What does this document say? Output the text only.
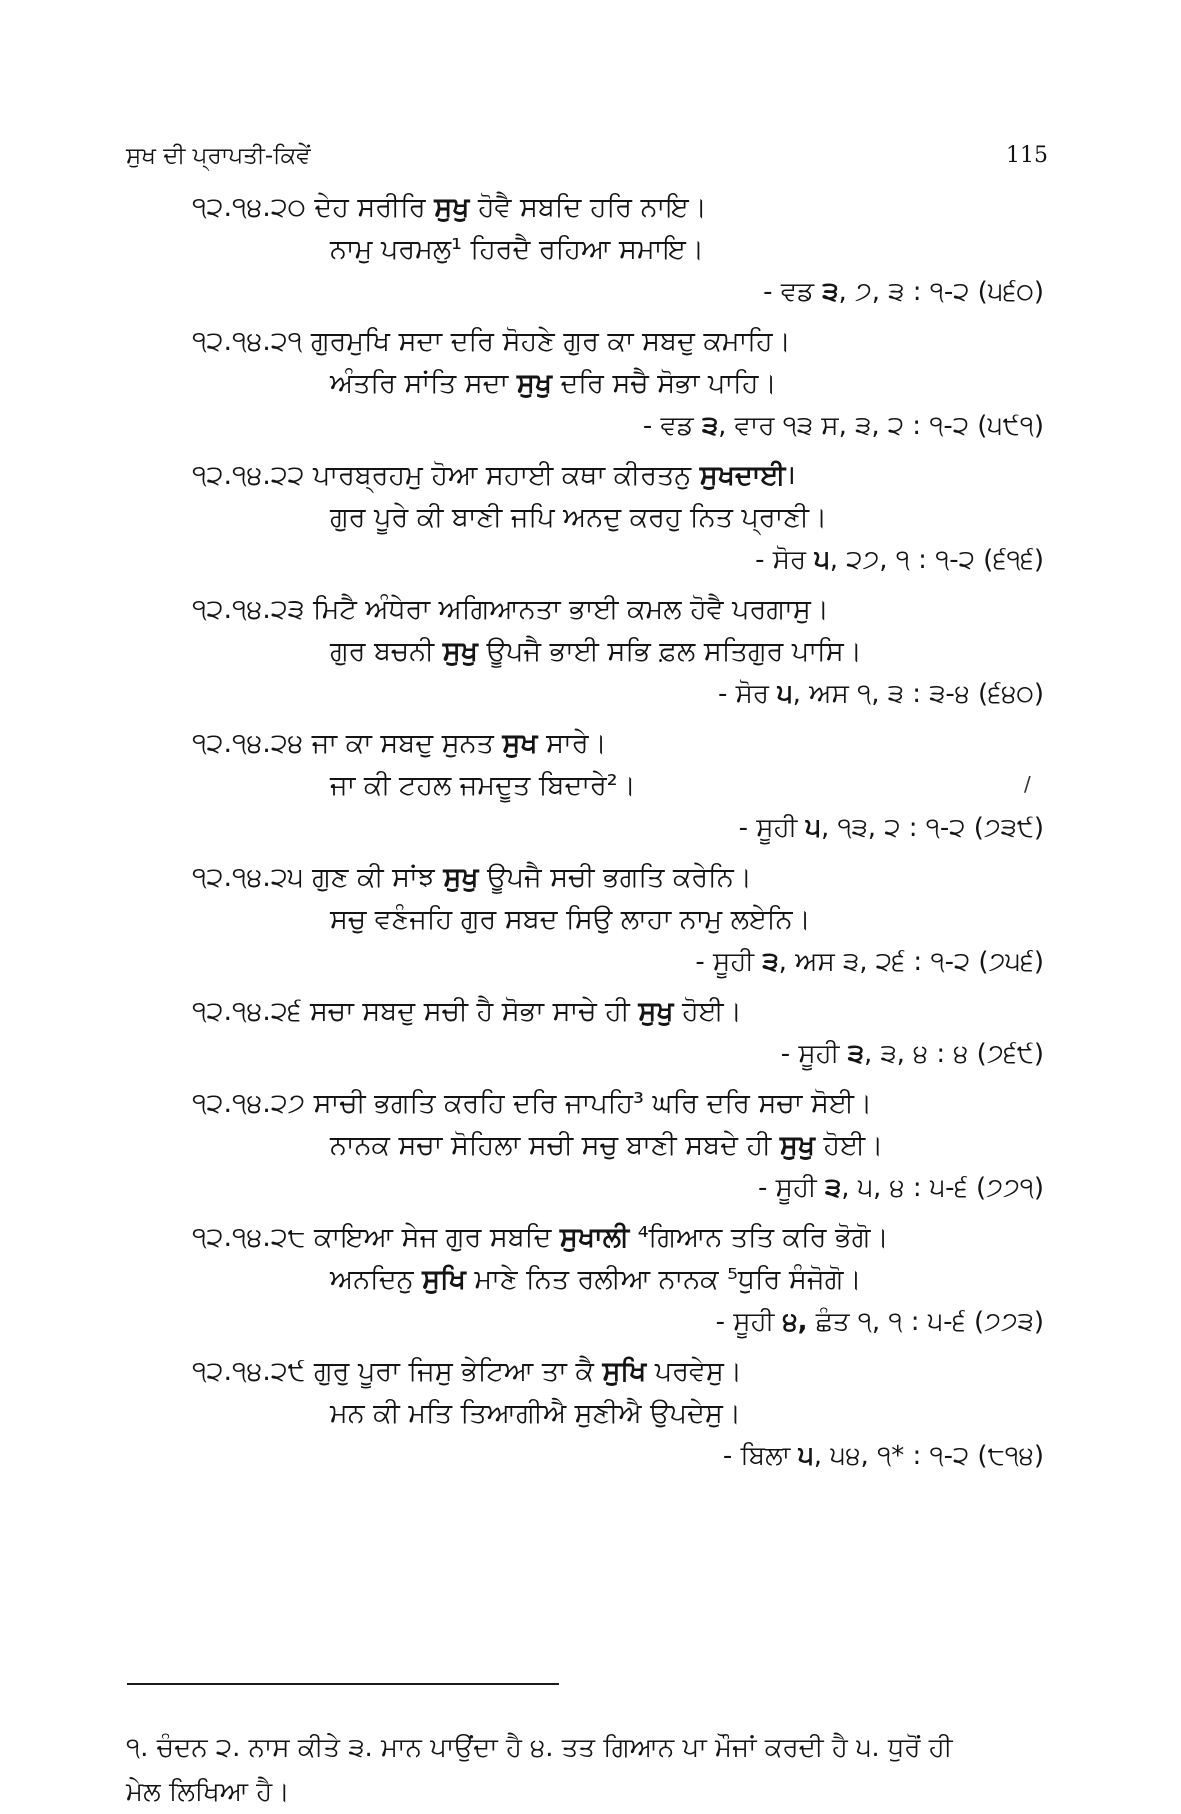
ਸੁਖ ਦੀ ਪ੍ਰਾਪਤੀ-ਕਿਵੇਂ	115
੧੨.੧੪.੨੦ ਦੇਹ ਸਰੀਰਿ ਸੁਖੁ ਹੋਵੈ ਸਬਦਿ ਹਰਿ ਨਾਇ।
ਨਾਮੁ ਪਰਮਲੁ¹ ਹਿਰਦੈ ਰਹਿਆ ਸਮਾਇ।
- ਵਡ ੩, ੭, ੩ : ੧-੨ (੫੬੦)
੧੨.੧੪.੨੧ ਗੁਰਮੁਖਿ ਸਦਾ ਦਰਿ ਸੋਹਣੇ ਗੁਰ ਕਾ ਸਬਦੁ ਕਮਾਹਿ।
ਅੰਤਰਿ ਸਾਂਤਿ ਸਦਾ ਸੁਖੁ ਦਰਿ ਸਚੈ ਸੋਭਾ ਪਾਹਿ।
- ਵਡ ੩, ਵਾਰ ੧੩ ਸ, ੩, ੨ : ੧-੨ (੫੯੧)
੧੨.੧੪.੨੨ ਪਾਰਬ੍ਰਹਮੁ ਹੋਆ ਸਹਾਈ ਕਥਾ ਕੀਰਤਨੁ ਸੁਖਦਾਈ।
ਗੁਰ ਪੂਰੇ ਕੀ ਬਾਣੀ ਜਪਿ ਅਨਦੁ ਕਰਹੁ ਨਿਤ ਪ੍ਰਾਣੀ।
- ਸੋਰ ੫, ੨੭, ੧ : ੧-੨ (੬੧੬)
੧੨.੧੪.੨੩ ਮਿਟੈ ਅੰਧੇਰਾ ਅਗਿਆਨਤਾ ਭਾਈ ਕਮਲ ਹੋਵੈ ਪਰਗਾਸੁ।
ਗੁਰ ਬਚਨੀ ਸੁਖੁ ਊਪਜੈ ਭਾਈ ਸਭਿ ਫ਼ਲ ਸਤਿਗੁਰ ਪਾਸਿ।
- ਸੋਰ ੫, ਅਸ ੧, ੩ : ੩-੪ (੬੪੦)
੧੨.੧੪.੨੪ ਜਾ ਕਾ ਸਬਦੁ ਸੁਨਤ ਸੁਖ ਸਾਰੇ।
ਜਾ ਕੀ ਟਹਲ ਜਮਦੂਤ ਬਿਦਾਰੇ²।
- ਸੂਹੀ ੫, ੧੩, ੨ : ੧-੨ (੭੩੯)
੧੨.੧੪.੨੫ ਗੁਣ ਕੀ ਸਾਂਝ ਸੁਖੁ ਊਪਜੈ ਸਚੀ ਭਗਤਿ ਕਰੇਨਿ।
ਸਚੁ ਵਣੰਜਹਿ ਗੁਰ ਸਬਦ ਸਿਉ ਲਾਹਾ ਨਾਮੁ ਲਏਨਿ।
- ਸੂਹੀ ੩, ਅਸ ੩, ੨੬ : ੧-੨ (੭੫੬)
੧੨.੧੪.੨੬ ਸਚਾ ਸਬਦੁ ਸਚੀ ਹੈ ਸੋਭਾ ਸਾਚੇ ਹੀ ਸੁਖੁ ਹੋਈ।
- ਸੂਹੀ ੩, ੩, ੪ : ੪ (੭੬੯)
੧੨.੧੪.੨੭ ਸਾਚੀ ਭਗਤਿ ਕਰਹਿ ਦਰਿ ਜਾਪਹਿ³ ਘਰਿ ਦਰਿ ਸਚਾ ਸੋਈ।
ਨਾਨਕ ਸਚਾ ਸੋਹਿਲਾ ਸਚੀ ਸਚੁ ਬਾਣੀ ਸਬਦੇ ਹੀ ਸੁਖੁ ਹੋਈ।
- ਸੂਹੀ ੩, ੫, ੪ : ੫-੬ (੭੭੧)
੧੨.੧੪.੨੮ ਕਾਇਆ ਸੇਜ ਗੁਰ ਸਬਦਿ ਸੁਖਾਲੀ ⁴ਗਿਆਨ ਤਤਿ ਕਰਿ ਭੋਗੋ।
ਅਨਦਿਨੁ ਸੁਖਿ ਮਾਣੇ ਨਿਤ ਰਲੀਆ ਨਾਨਕ ⁵ਧੁਰਿ ਸੰਜੋਗੋ।
- ਸੂਹੀ ੪, ਛੰਤ ੧, ੧ : ੫-੬ (੭੭੩)
੧੨.੧੪.੨੯ ਗੁਰੁ ਪੂਰਾ ਜਿਸੁ ਭੇਟਿਆ ਤਾ ਕੈ ਸੁਖਿ ਪਰਵੇਸੁ।
ਮਨ ਕੀ ਮਤਿ ਤਿਆਗੀਐ ਸੁਣੀਐ ਉਪਦੇਸੁ।
- ਬਿਲਾ ੫, ੫੪, ੧* : ੧-੨ (੮੧੪)
/

੧. ਚੰਦਨ ੨. ਨਾਸ ਕੀਤੇ ੩. ਮਾਨ ਪਾਉਂਦਾ ਹੈ ੪. ਤਤ ਗਿਆਨ ਪਾ ਮੌਜਾਂ ਕਰਦੀ ਹੈ ੫. ਧੁਰੋਂ ਹੀ

ਮੇਲ ਲਿਖਿਆ ਹੈ।
